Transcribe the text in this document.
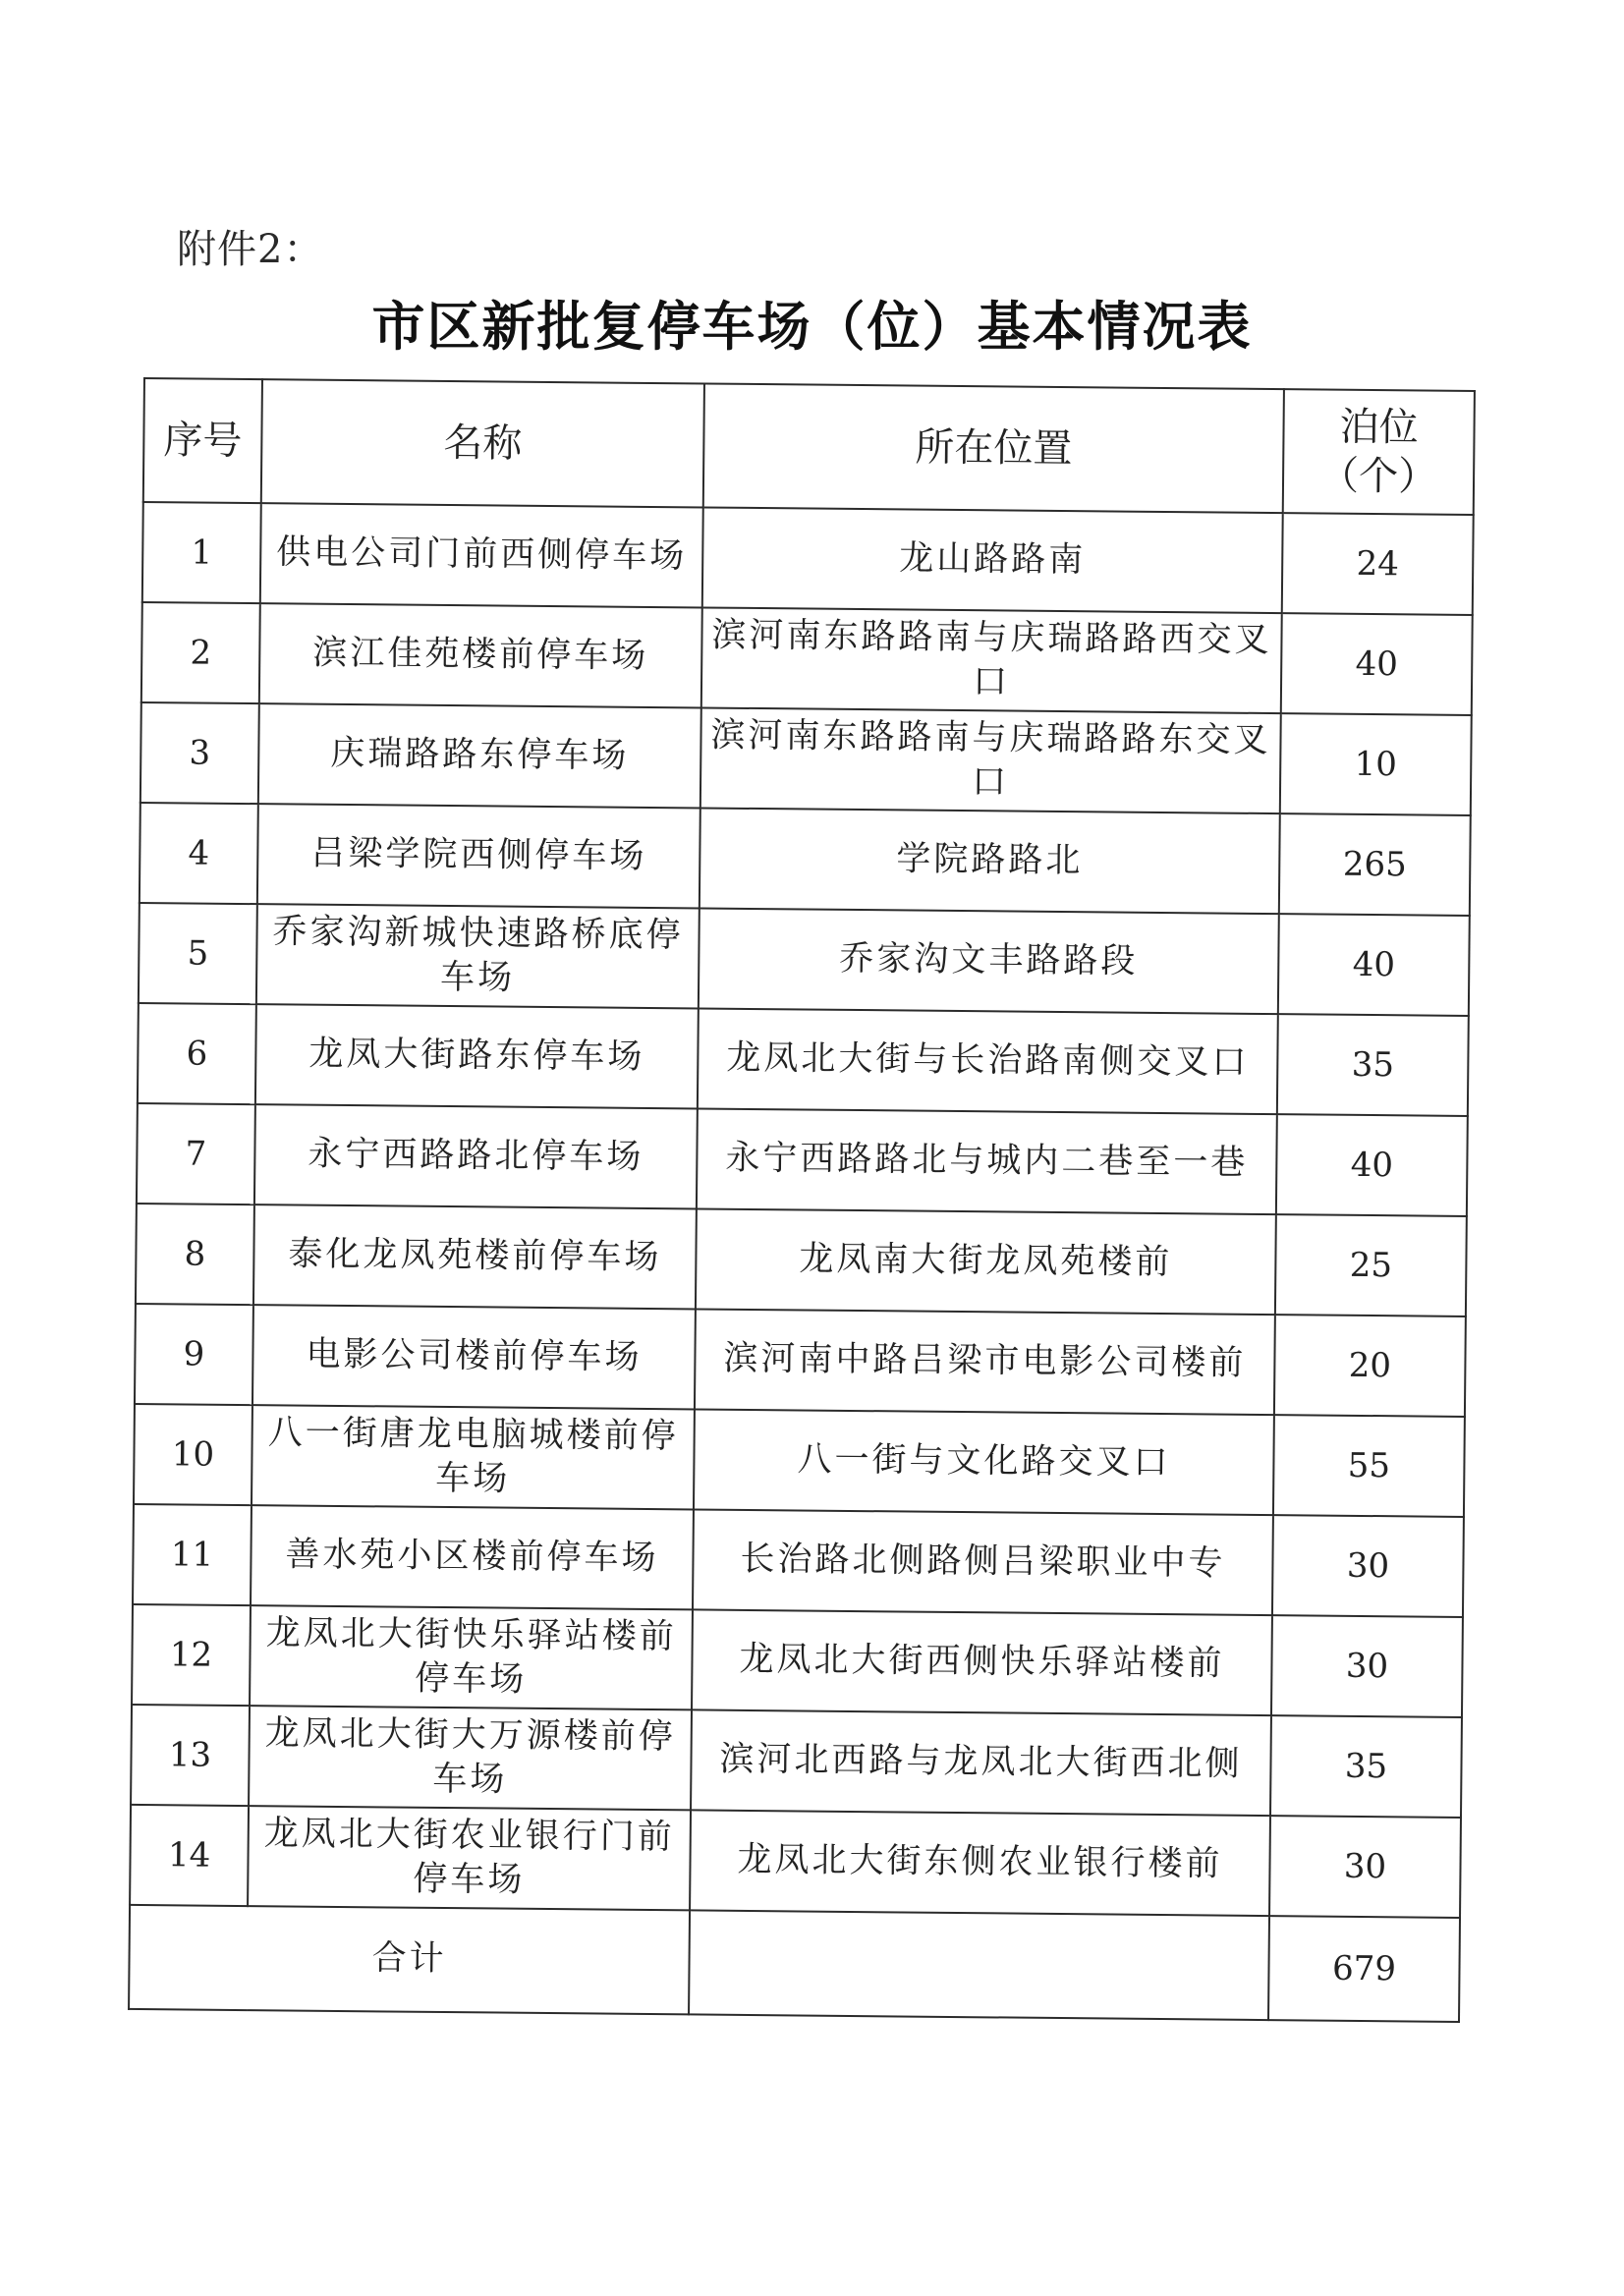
附件2：
市区新批复停车场（位）基本情况表
序号	名称	所在位置	泊位
（个）

1	供电公司门前西侧停车场	龙山路路南	24
2	滨江佳苑楼前停车场	滨河南东路路南与庆瑞路路西交叉口	40
3	庆瑞路路东停车场	滨河南东路路南与庆瑞路路东交叉口	10
4	吕梁学院西侧停车场	学院路路北	265
5	乔家沟新城快速路桥底停车场	乔家沟文丰路路段	40
6	龙凤大街路东停车场	龙凤北大街与长治路南侧交叉口	35
7	永宁西路路北停车场	永宁西路路北与城内二巷至一巷	40
8	泰化龙凤苑楼前停车场	龙凤南大街龙凤苑楼前	25
9	电影公司楼前停车场	滨河南中路吕梁市电影公司楼前	20
10	八一街唐龙电脑城楼前停车场	八一街与文化路交叉口	55
11	善水苑小区楼前停车场	长治路北侧路侧吕梁职业中专	30
12	龙凤北大街快乐驿站楼前停车场	龙凤北大街西侧快乐驿站楼前	30
13	龙凤北大街大万源楼前停车场	滨河北西路与龙凤北大街西北侧	35
14	龙凤北大街农业银行门前停车场	龙凤北大街东侧农业银行楼前	30
合计			679
